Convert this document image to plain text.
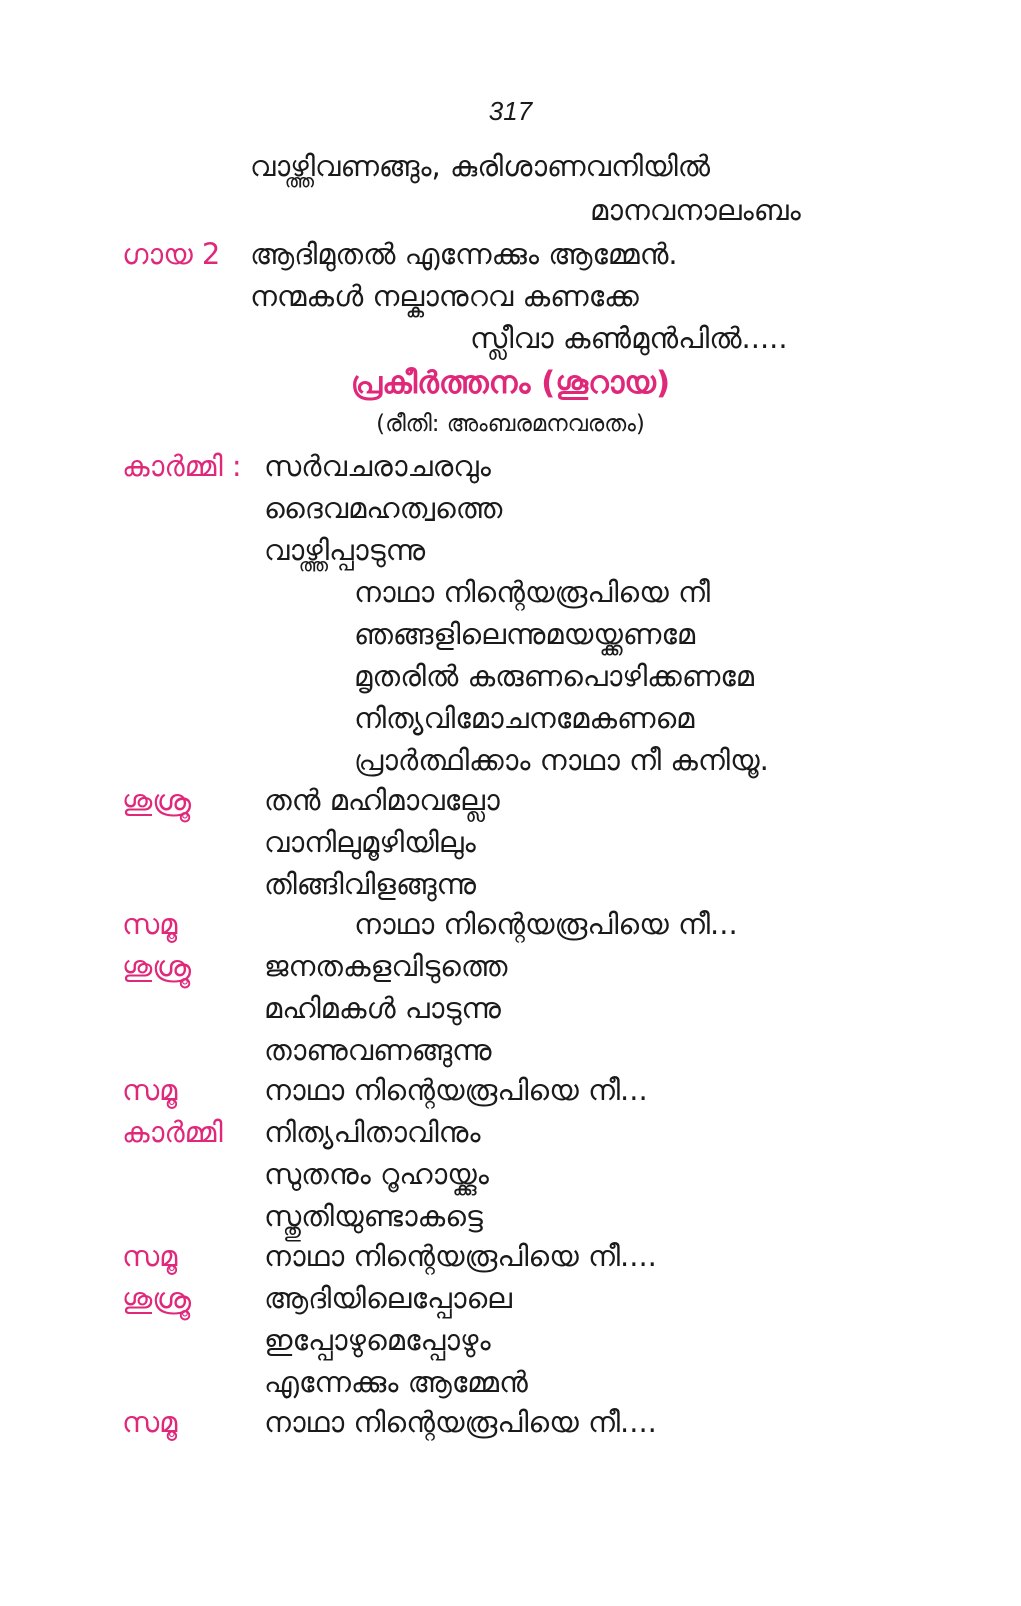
317
വാഴ്ത്തിവണങ്ങും, കുരിശാണവനിയിൽ
മാനവനാലംബം
ഗായ 2 ആദിമുതൽ എന്നേക്കും ആമ്മേൻ.
നന്മകൾ നല്കാനുറവ കണക്കേ
സ്ലീവാ കൺമുൻപിൽ.....
പ്രകീർത്തനം (ശൂറായ)
(രീതി: അംബരമനവരതം)
കാർമ്മി : സർവചരാചരവും
ദൈവമഹത്വത്തെ
വാഴ്ത്തിപ്പാടുന്നു
നാഥാ നിന്റെയരൂപിയെ നീ
ഞങ്ങളിലെന്നുമയയ്ക്കണമേ
മൃതരിൽ കരുണപൊഴിക്കണമേ
നിത്യവിമോചനമേകണമെ
പ്രാർത്ഥിക്കാം നാഥാ നീ കനിയൂ.
ശുശ്രൂ	തൻ മഹിമാവല്ലോ
വാനിലുമൂഴിയിലും
തിങ്ങിവിളങ്ങുന്നു
സമൂ	നാഥാ നിന്റെയരൂപിയെ നീ...
ശുശ്രൂ	ജനതകളവിടുത്തെ
മഹിമകൾ പാടുന്നു
താണുവണങ്ങുന്നു
സമൂ	നാഥാ നിന്റെയരൂപിയെ നീ...
കാർമ്മി നിത്യപിതാവിനും
സുതനും റൂഹായ്ക്കും
സ്തുതിയുണ്ടാകട്ടെ
സമൂ	നാഥാ നിന്റെയരൂപിയെ നീ....
ശുശ്രൂ	ആദിയിലെപ്പോലെ
ഇപ്പോഴുമെപ്പോഴും
എന്നേക്കും ആമ്മേൻ
സമൂ	നാഥാ നിന്റെയരൂപിയെ നീ....
